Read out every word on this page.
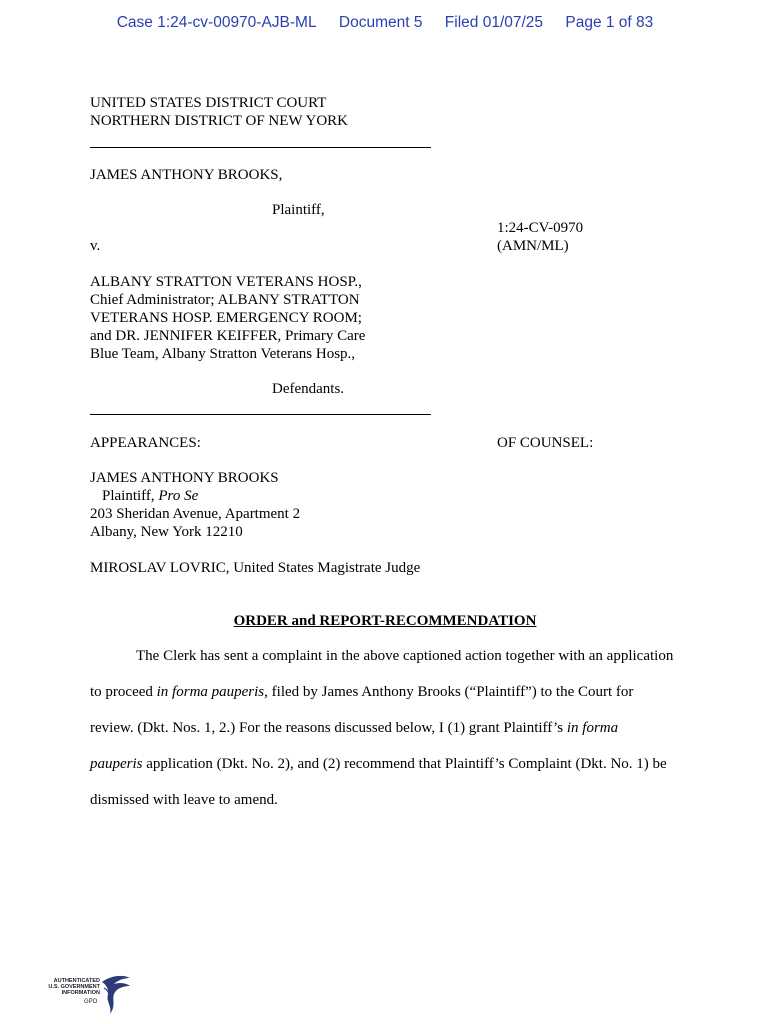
Case 1:24-cv-00970-AJB-ML Document 5 Filed 01/07/25 Page 1 of 83
UNITED STATES DISTRICT COURT
NORTHERN DISTRICT OF NEW YORK
JAMES ANTHONY BROOKS,
Plaintiff,
1:24-CV-0970
(AMN/ML)
v.
ALBANY STRATTON VETERANS HOSP.,
Chief Administrator; ALBANY STRATTON
VETERANS HOSP. EMERGENCY ROOM;
and DR. JENNIFER KEIFFER, Primary Care
Blue Team, Albany Stratton Veterans Hosp.,
Defendants.
APPEARANCES:	OF COUNSEL:
JAMES ANTHONY BROOKS
Plaintiff, Pro Se
203 Sheridan Avenue, Apartment 2
Albany, New York 12210
MIROSLAV LOVRIC, United States Magistrate Judge
ORDER and REPORT-RECOMMENDATION
The Clerk has sent a complaint in the above captioned action together with an application
to proceed in forma pauperis, filed by James Anthony Brooks (“Plaintiff”) to the Court for
review. (Dkt. Nos. 1, 2.) For the reasons discussed below, I (1) grant Plaintiff’s in forma
pauperis application (Dkt. No. 2), and (2) recommend that Plaintiff’s Complaint (Dkt. No. 1) be
dismissed with leave to amend.
AUTHENTICATED
U.S. GOVERNMENT
INFORMATION
GPO
